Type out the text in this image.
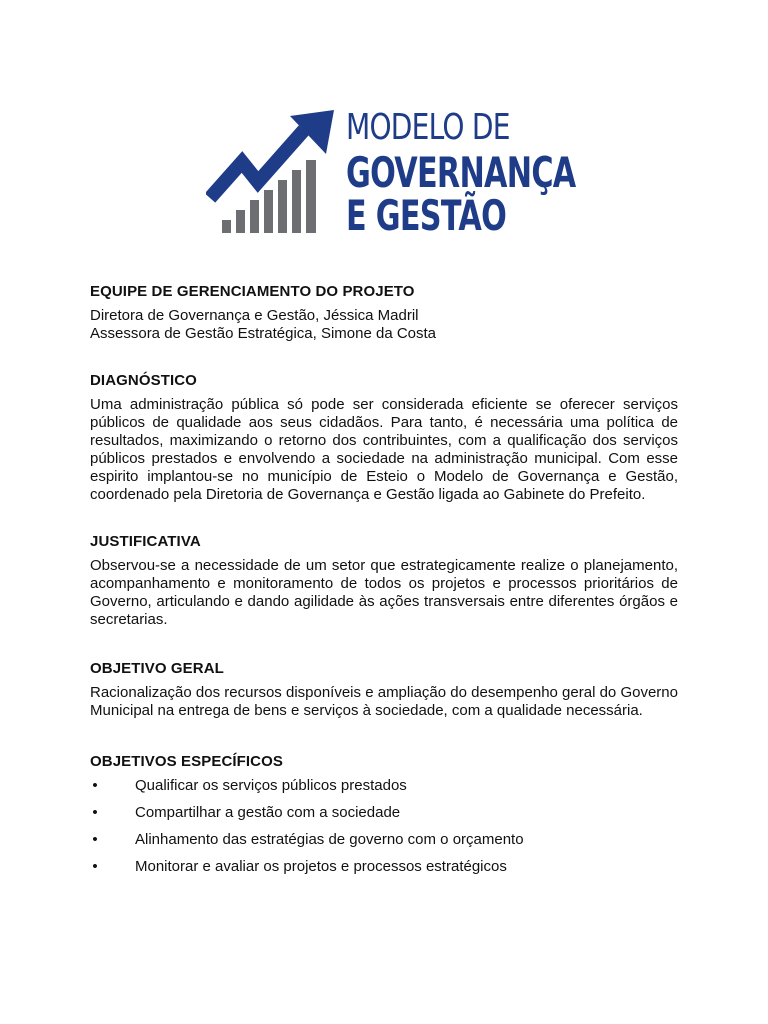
MODELO DE
GOVERNANÇA
E GESTÃO

EQUIPE DE GERENCIAMENTO DO PROJETO

Diretora de Governança e Gestão, Jéssica Madril

Assessora de Gestão Estratégica, Simone da Costa

DIAGNÓSTICO

Uma administração pública só pode ser considerada eficiente se oferecer serviços públicos de qualidade aos seus cidadãos. Para tanto, é necessária uma política de resultados, maximizando o retorno dos contribuintes, com a qualificação dos serviços públicos prestados e envolvendo a sociedade na administração municipal. Com esse espirito implantou-se no município de Esteio o Modelo de Governança e Gestão, coordenado pela Diretoria de Governança e Gestão ligada ao Gabinete do Prefeito.

JUSTIFICATIVA

Observou-se a necessidade de um setor que estrategicamente realize o planejamento, acompanhamento e monitoramento de todos os projetos e processos prioritários de Governo, articulando e dando agilidade às ações transversais entre diferentes órgãos e secretarias.

OBJETIVO GERAL

Racionalização dos recursos disponíveis e ampliação do desempenho geral do Governo Municipal na entrega de bens e serviços à sociedade, com a qualidade necessária.

OBJETIVOS ESPECÍFICOS

• Qualificar os serviços públicos prestados
• Compartilhar a gestão com a sociedade
• Alinhamento das estratégias de governo com o orçamento
• Monitorar e avaliar os projetos e processos estratégicos
